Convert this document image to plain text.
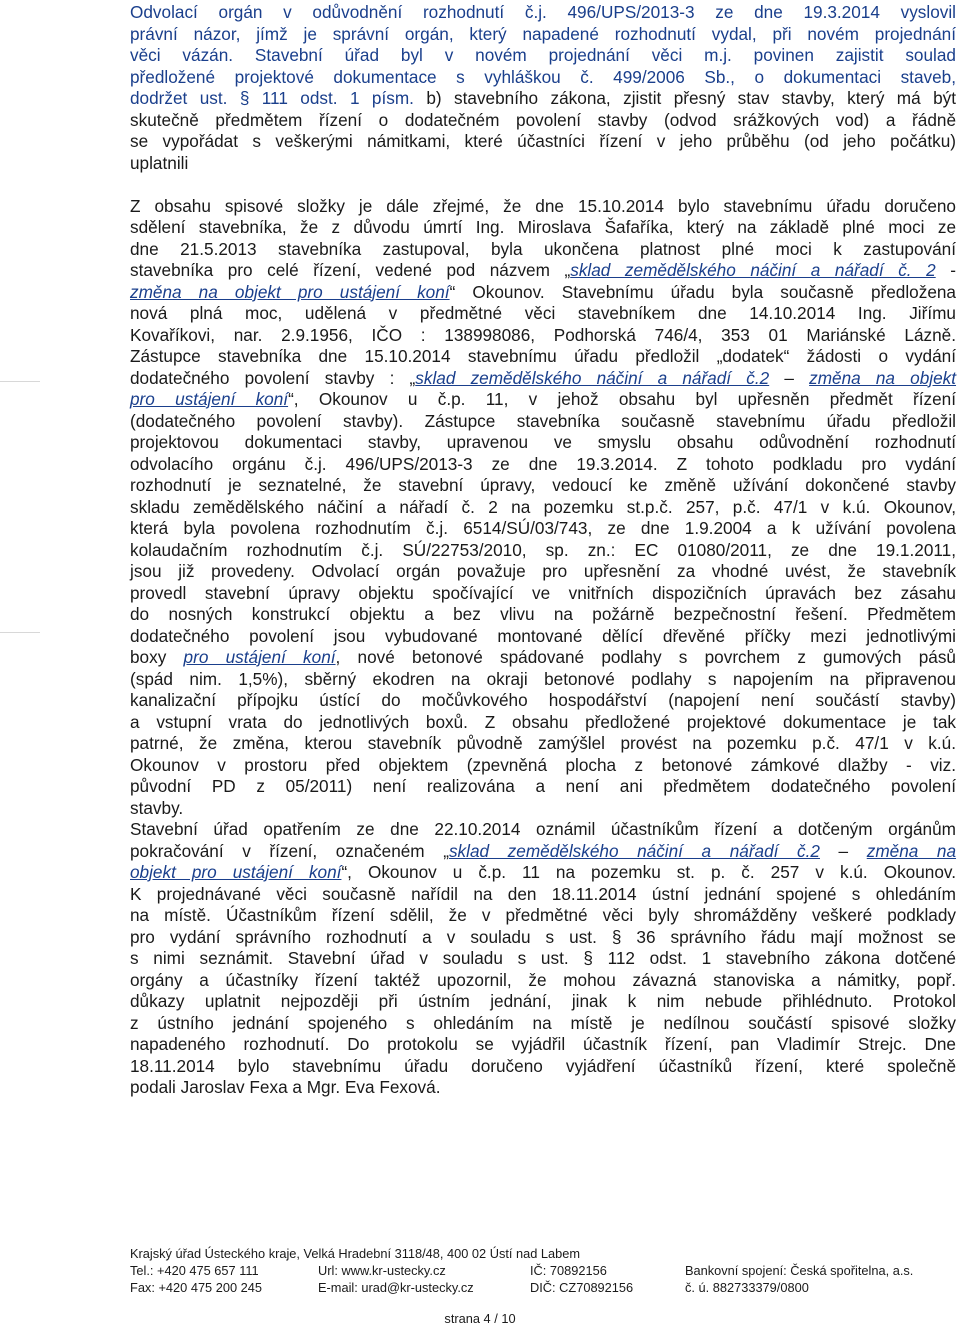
Odvolací orgán v odůvodnění rozhodnutí č.j. 496/UPS/2013-3 ze dne 19.3.2014 vyslovil
právní názor, jímž je správní orgán, který napadené rozhodnutí vydal, při novém projednání
věci vázán. Stavební úřad byl v novém projednání věci m.j. povinen zajistit soulad
předložené projektové dokumentace s vyhláškou č. 499/2006 Sb., o dokumentaci staveb,
dodržet ust. § 111 odst. 1 písm. b) stavebního zákona, zjistit přesný stav stavby, který má být
skutečně předmětem řízení o dodatečném povolení stavby (odvod srážkových vod) a řádně
se vypořádat s veškerými námitkami, které účastníci řízení v jeho průběhu (od jeho počátku)
uplatnili
Z obsahu spisové složky je dále zřejmé, že dne 15.10.2014 bylo stavebnímu úřadu doručeno
sdělení stavebníka, že z důvodu úmrtí Ing. Miroslava Šafaříka, který na základě plné moci ze
dne 21.5.2013 stavebníka zastupoval, byla ukončena platnost plné moci k zastupování
stavebníka pro celé řízení, vedené pod názvem „sklad zemědělského náčiní a nářadí č. 2 -
změna na objekt pro ustájení koní“ Okounov. Stavebnímu úřadu byla současně předložena
nová plná moc, udělená v předmětné věci stavebníkem dne 14.10.2014 Ing. Jiřímu
Kovaříkovi, nar. 2.9.1956, IČO : 138998086, Podhorská 746/4, 353 01 Mariánské Lázně.
Zástupce stavebníka dne 15.10.2014 stavebnímu úřadu předložil „dodatek“ žádosti o vydání
dodatečného povolení stavby : „sklad zemědělského náčiní a nářadí č.2 – změna na objekt
pro ustájení koní“, Okounov u č.p. 11, v jehož obsahu byl upřesněn předmět řízení
(dodatečného povolení stavby). Zástupce stavebníka současně stavebnímu úřadu předložil
projektovou dokumentaci stavby, upravenou ve smyslu obsahu odůvodnění rozhodnutí
odvolacího orgánu č.j. 496/UPS/2013-3 ze dne 19.3.2014. Z tohoto podkladu pro vydání
rozhodnutí je seznatelné, že stavební úpravy, vedoucí ke změně užívání dokončené stavby
skladu zemědělského náčiní a nářadí č. 2 na pozemku st.p.č. 257, p.č. 47/1 v k.ú. Okounov,
která byla povolena rozhodnutím č.j. 6514/SÚ/03/743, ze dne 1.9.2004 a k užívání povolena
kolaudačním rozhodnutím č.j. SÚ/22753/2010, sp. zn.: EC 01080/2011, ze dne 19.1.2011,
jsou již provedeny. Odvolací orgán považuje pro upřesnění za vhodné uvést, že stavebník
provedl stavební úpravy objektu spočívající ve vnitřních dispozičních úpravách bez zásahu
do nosných konstrukcí objektu a bez vlivu na požárně bezpečnostní řešení. Předmětem
dodatečného povolení jsou vybudované montované dělící dřevěné příčky mezi jednotlivými
boxy pro ustájení koní, nové betonové spádované podlahy s povrchem z gumových pásů
(spád nim. 1,5%), sběrný ekodren na okraji betonové podlahy s napojením na připravenou
kanalizační přípojku ústící do močůvkového hospodářství (napojení není součástí stavby)
a vstupní vrata do jednotlivých boxů. Z obsahu předložené projektové dokumentace je tak
patrné, že změna, kterou stavebník původně zamýšlel provést na pozemku p.č. 47/1 v k.ú.
Okounov v prostoru před objektem (zpevněná plocha z betonové zámkové dlažby - viz.
původní PD z 05/2011) není realizována a není ani předmětem dodatečného povolení
stavby.
Stavební úřad opatřením ze dne 22.10.2014 oznámil účastníkům řízení a dotčeným orgánům
pokračování v řízení, označeném „sklad zemědělského náčiní a nářadí č.2 – změna na
objekt pro ustájení koní“, Okounov u č.p. 11 na pozemku st. p. č. 257 v k.ú. Okounov.
K projednávané věci současně nařídil na den 18.11.2014 ústní jednání spojené s ohledáním
na místě. Účastníkům řízení sdělil, že v předmětné věci byly shromážděny veškeré podklady
pro vydání správního rozhodnutí a v souladu s ust. § 36 správního řádu mají možnost se
s nimi seznámit. Stavební úřad v souladu s ust. § 112 odst. 1 stavebního zákona dotčené
orgány a účastníky řízení taktéž upozornil, že mohou závazná stanoviska a námitky, popř.
důkazy uplatnit nejpozději při ústním jednání, jinak k nim nebude přihlédnuto. Protokol
z ústního jednání spojeného s ohledáním na místě je nedílnou součástí spisové složky
napadeného rozhodnutí. Do protokolu se vyjádřil účastník řízení, pan Vladimír Strejc. Dne
18.11.2014 bylo stavebnímu úřadu doručeno vyjádření účastníků řízení, které společně
podali Jaroslav Fexa a Mgr. Eva Fexová.
Krajský úřad Ústeckého kraje, Velká Hradební 3118/48, 400 02 Ústí nad Labem
Tel.: +420 475 657 111	Url: www.kr-ustecky.cz	IČ: 70892156	Bankovní spojení: Česká spořitelna, a.s.
Fax: +420 475 200 245	E-mail: urad@kr-ustecky.cz	DIČ: CZ70892156	č. ú. 882733379/0800
strana 4 / 10
